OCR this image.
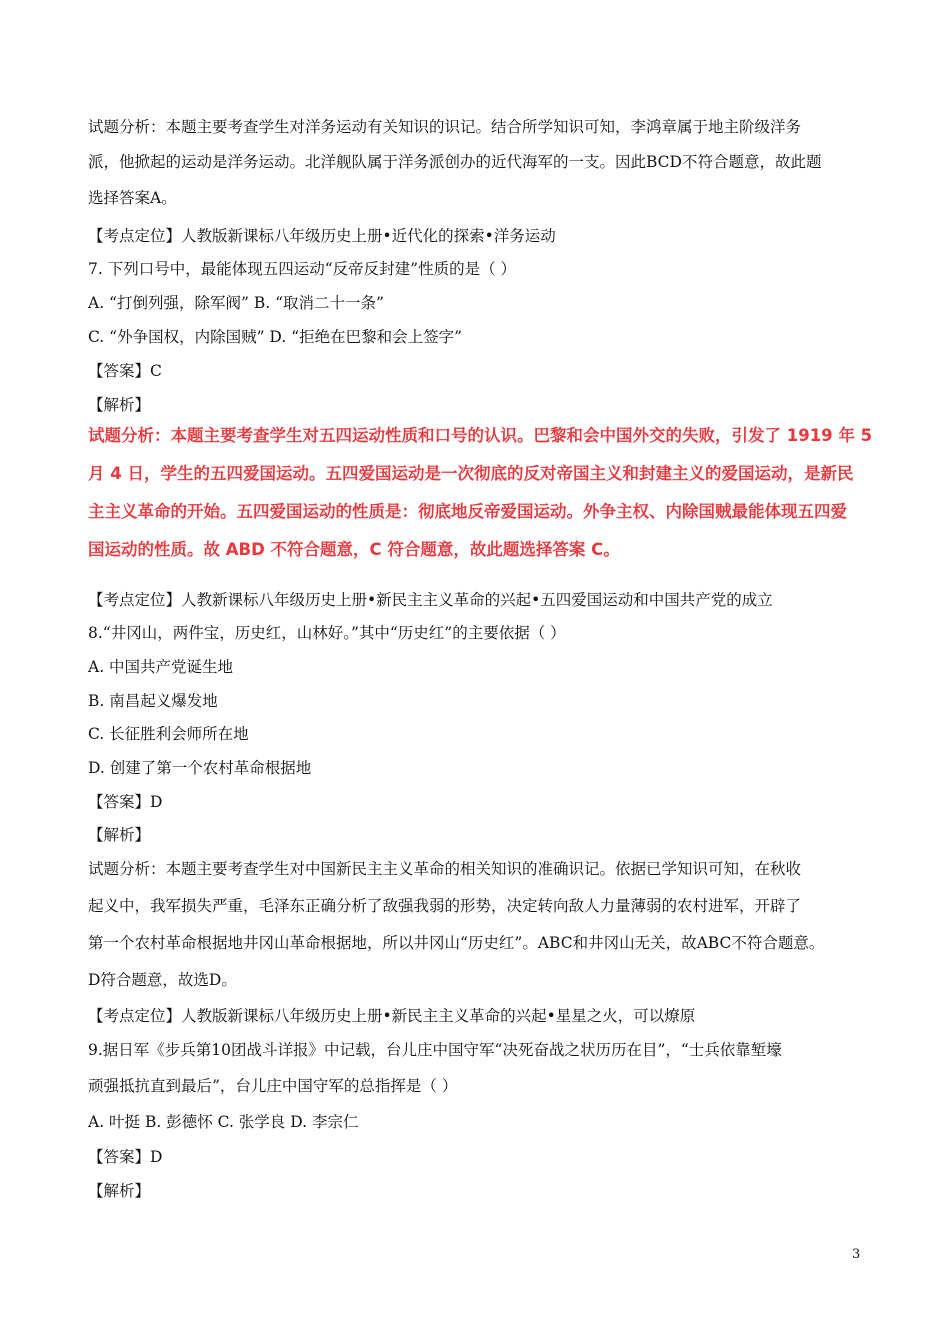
试题分析：本题主要考查学生对洋务运动有关知识的识记。结合所学知识可知，李鸿章属于地主阶级洋务
派，他掀起的运动是洋务运动。北洋舰队属于洋务派创办的近代海军的一支。因此BCD不符合题意，故此题
选择答案A。
【考点定位】人教版新课标八年级历史上册•近代化的探索•洋务运动
7. 下列口号中，最能体现五四运动“反帝反封建”性质的是（ ）
A. “打倒列强，除军阀” B. “取消二十一条”
C. “外争国权，内除国贼” D. “拒绝在巴黎和会上签字”
【答案】C
【解析】
试题分析：本题主要考查学生对五四运动性质和口号的认识。巴黎和会中国外交的失败，引发了 1919 年 5
月 4 日，学生的五四爱国运动。五四爱国运动是一次彻底的反对帝国主义和封建主义的爱国运动，是新民
主主义革命的开始。五四爱国运动的性质是：彻底地反帝爱国运动。外争主权、内除国贼最能体现五四爱
国运动的性质。故 ABD 不符合题意，C 符合题意，故此题选择答案 C。
【考点定位】人教新课标八年级历史上册•新民主主义革命的兴起•五四爱国运动和中国共产党的成立
8.“井冈山，两件宝，历史红，山林好。”其中“历史红”的主要依据（ ）
A. 中国共产党诞生地
B. 南昌起义爆发地
C. 长征胜利会师所在地
D. 创建了第一个农村革命根据地
【答案】D
【解析】
试题分析：本题主要考查学生对中国新民主主义革命的相关知识的准确识记。依据已学知识可知，在秋收
起义中，我军损失严重，毛泽东正确分析了敌强我弱的形势，决定转向敌人力量薄弱的农村进军，开辟了
第一个农村革命根据地井冈山革命根据地，所以井冈山“历史红”。ABC和井冈山无关，故ABC不符合题意。
D符合题意，故选D。
【考点定位】人教版新课标八年级历史上册•新民主主义革命的兴起•星星之火，可以燎原
9.据日军《步兵第10团战斗详报》中记载，台儿庄中国守军“决死奋战之状历历在目”，“士兵依靠堑壕
顽强抵抗直到最后”，台儿庄中国守军的总指挥是（ ）
A. 叶挺 B. 彭德怀 C. 张学良 D. 李宗仁
【答案】D
【解析】
3
